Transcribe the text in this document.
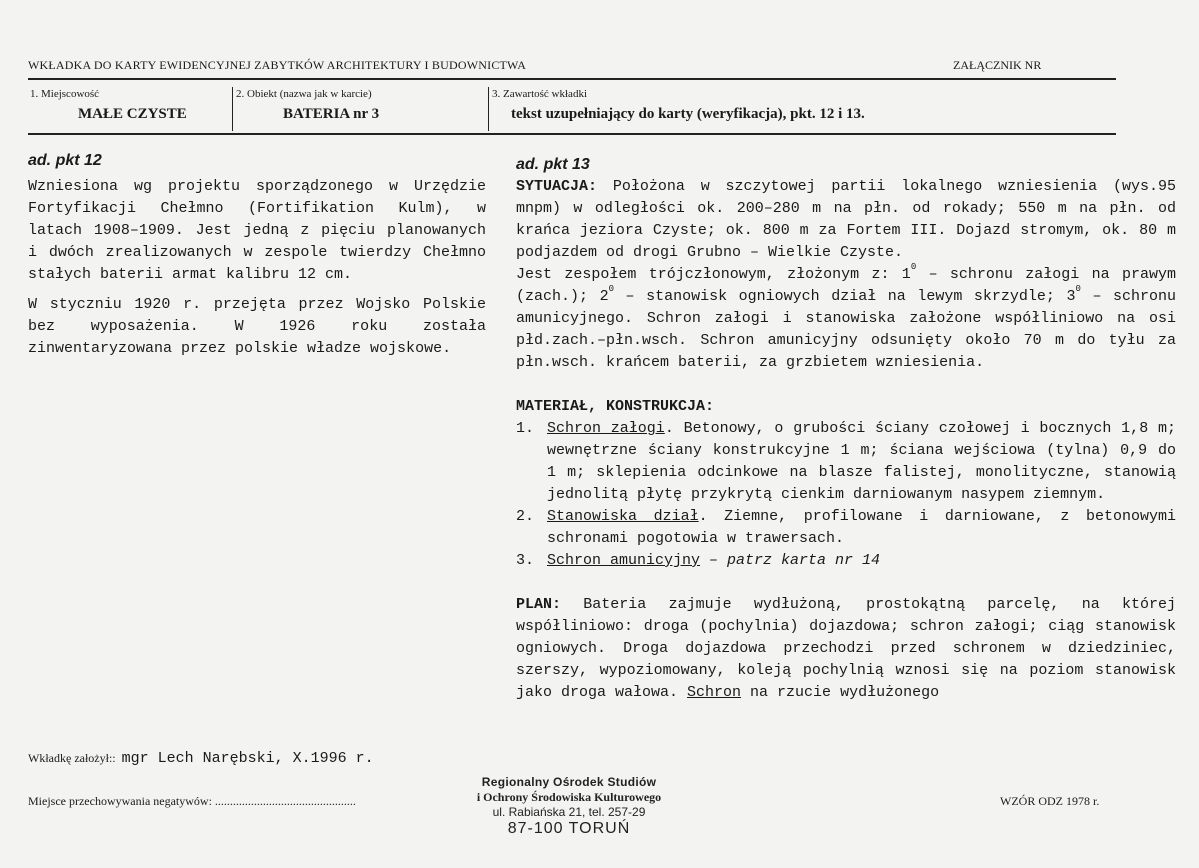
WKŁADKA DO KARTY EWIDENCYJNEJ ZABYTKÓW ARCHITEKTURY I BUDOWNICTWA	ZAŁĄCZNIK NR
1. Miejscowość
MAŁE CZYSTE
2. Obiekt (nazwa jak w karcie)
BATERIA nr 3
3. Zawartość wkładki
tekst uzupełniający do karty (weryfikacja), pkt. 12 i 13.
ad. pkt 12

Wzniesiona wg projektu sporządzonego w Urzędzie Fortyfikacji Chełmno (Fortifikation Kulm), w latach 1908–1909. Jest jedną z pięciu planowanych i dwóch zrealizowanych w zespole twierdzy Chełmno stałych baterii armat kalibru 12 cm.

W styczniu 1920 r. przejęta przez Wojsko Polskie bez wyposażenia. W 1926 roku została zinwentaryzowana przez polskie władze wojskowe.

ad. pkt 13
SYTUACJA: Położona w szczytowej partii lokalnego wzniesienia (wys.95 mnpm) w odległości ok. 200–280 m na płn. od rokady; 550 m na płn. od krańca jeziora Czyste; ok. 800 m za Fortem III. Dojazd stromym, ok. 80 m podjazdem od drogi Grubno – Wielkie Czyste.
Jest zespołem trójczłonowym, złożonym z: $1^0$ – schronu załogi na prawym (zach.); $2^0$ – stanowisk ogniowych dział na lewym skrzydle; $3^0$ – schronu amunicyjnego. Schron załogi i stanowiska założone współliniowo na osi płd.zach.–płn.wsch. Schron amunicyjny odsunięty około 70 m do tyłu za płn.wsch. krańcem baterii, za grzbietem wzniesienia.
MATERIAŁ, KONSTRUKCJA:
1. Schron załogi. Betonowy, o grubości ściany czołowej i bocznych 1,8 m; wewnętrzne ściany konstrukcyjne 1 m; ściana wejściowa (tylna) 0,9 do 1 m; sklepienia odcinkowe na blasze falistej, monolityczne, stanowią jednolitą płytę przykrytą cienkim darniowanym nasypem ziemnym.
2. Stanowiska dział. Ziemne, profilowane i darniowane, z betonowymi schronami pogotowia w trawersach.
3. Schron amunicyjny – patrz karta nr 14
PLAN: Bateria zajmuje wydłużoną, prostokątną parcelę, na której współliniowo: droga (pochylnia) dojazdowa; schron załogi; ciąg stanowisk ogniowych. Droga dojazdowa przechodzi przed schronem w dziedziniec, szerszy, wypoziomowany, koleją pochylnią wznosi się na poziom stanowisk jako droga wałowa. Schron na rzucie wydłużonego
Wkładkę założył:: mgr Lech Narębski, X.1996 r.
Miejsce przechowywania negatywów: ...............................................	WZÓR ODZ 1978 r.
Regionalny Ośrodek Studiów
i Ochrony Środowiska Kulturowego
ul. Rabiańska 21, tel. 257-29
87-100 TORUŃ
